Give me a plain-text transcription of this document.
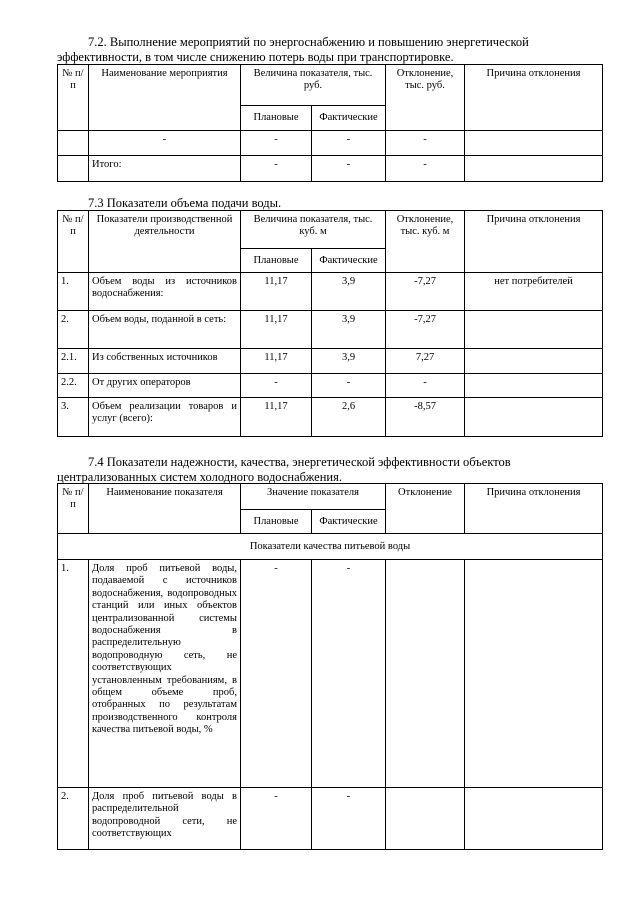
7.2. Выполнение мероприятий по энергоснабжению и повышению энергетической
эффективности, в том числе снижению потерь воды при транспортировке.
№ п/п	Наименование мероприятия	Величина показателя, тыс. руб.		Отклонение, тыс. руб.	Причина отклонения
		Плановые	Фактические		
	-	-	-	-	
	Итого:	-	-	-	
7.3 Показатели объема подачи воды.
№ п/п	Показатели производственной деятельности	Величина показателя, тыс. куб. м		Отклонение, тыс. куб. м	Причина отклонения
		Плановые	Фактические		
1.	Объем воды из источников водоснабжения:	11,17	3,9	-7,27	нет потребителей
2.	Объем воды, поданной в сеть:	11,17	3,9	-7,27	
2.1.	Из собственных источников	11,17	3,9	7,27	
2.2.	От других операторов	-	-	-	
3.	Объем реализации товаров и услуг (всего):	11,17	2,6	-8,57	
7.4 Показатели надежности, качества, энергетической эффективности объектов
централизованных систем холодного водоснабжения.
№ п/п	Наименование показателя	Значение показателя		Отклонение	Причина отклонения
		Плановые	Фактические		
Показатели качества питьевой воды					
1.	Доля проб питьевой воды, подаваемой с источников водоснабжения, водопроводных станций или иных объектов централизованной системы водоснабжения в распределительную водопроводную сеть, не соответствующих установленным требованиям, в общем объеме проб, отобранных по результатам производственного контроля качества питьевой воды, %	-	-		
2.	Доля проб питьевой воды в распределительной водопроводной сети, не соответствующих	-	-		
